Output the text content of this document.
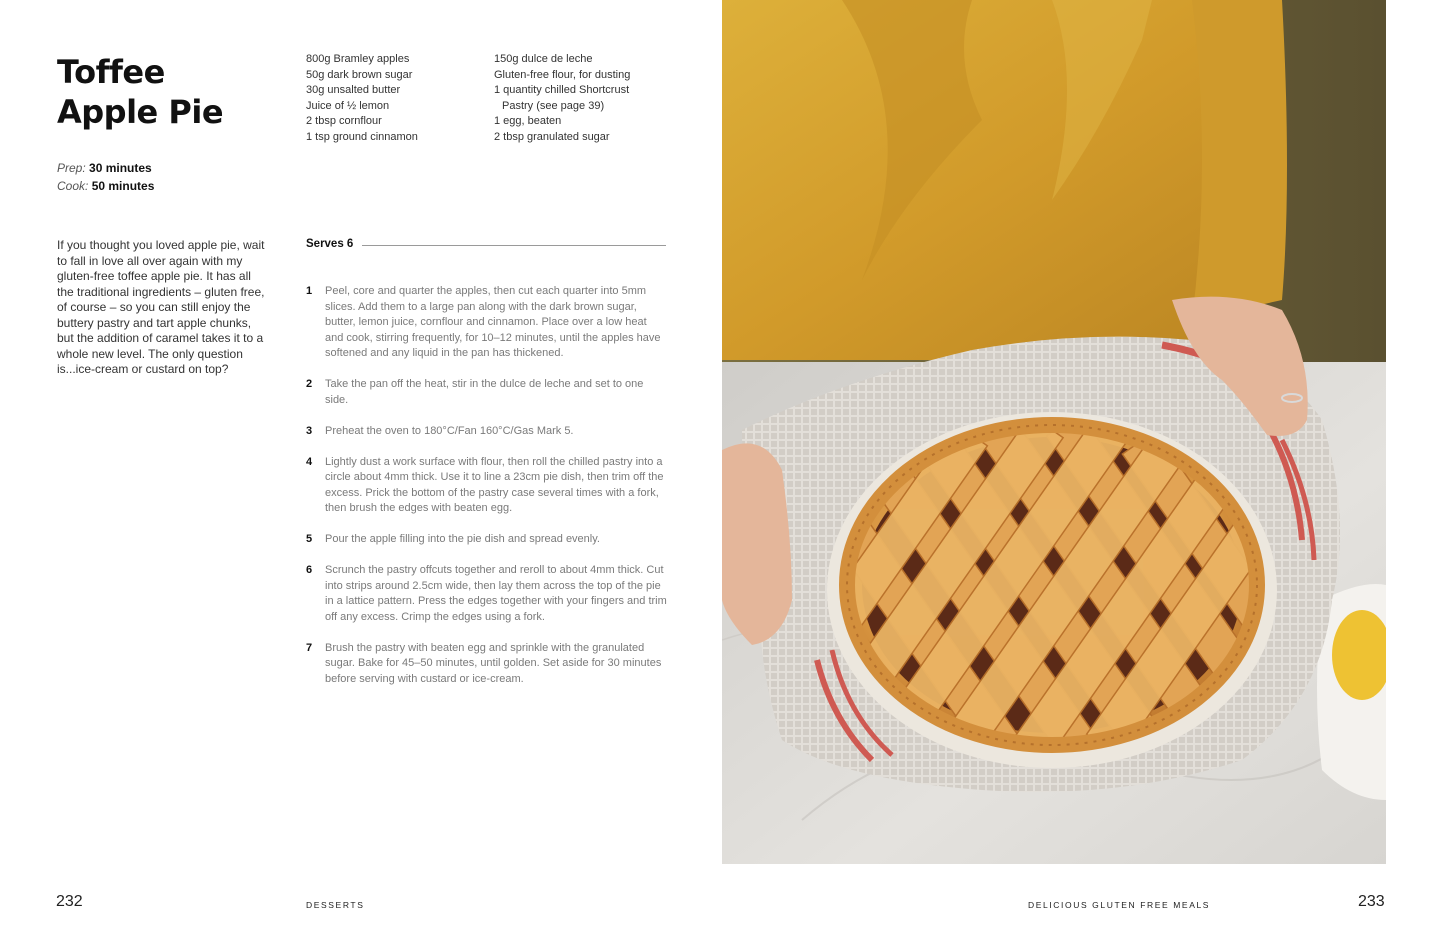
Toffee
Apple Pie
Prep: 30 minutes
Cook: 50 minutes

If you thought you loved apple pie, wait to fall in love all over again with my gluten-free toffee apple pie. It has all the traditional ingredients – gluten free, of course – so you can still enjoy the buttery pastry and tart apple chunks, but the addition of caramel takes it to a whole new level. The only question is...ice-cream or custard on top?

800g Bramley apples
50g dark brown sugar
30g unsalted butter
Juice of ½ lemon
2 tbsp cornflour
1 tsp ground cinnamon
150g dulce de leche
Gluten-free flour, for dusting
1 quantity chilled Shortcrust
Pastry (see page 39)
1 egg, beaten
2 tbsp granulated sugar
Serves 6
1	Peel, core and quarter the apples, then cut each quarter into 5mm slices. Add them to a large pan along with the dark brown sugar, butter, lemon juice, cornflour and cinnamon. Place over a low heat and cook, stirring frequently, for 10–12 minutes, until the apples have softened and any liquid in the pan has thickened.
2	Take the pan off the heat, stir in the dulce de leche and set to one side.
3	Preheat the oven to 180°C/Fan 160°C/Gas Mark 5.
4	Lightly dust a work surface with flour, then roll the chilled pastry into a circle about 4mm thick. Use it to line a 23cm pie dish, then trim off the excess. Prick the bottom of the pastry case several times with a fork, then brush the edges with beaten egg.
5	Pour the apple filling into the pie dish and spread evenly.
6	Scrunch the pastry offcuts together and reroll to about 4mm thick. Cut into strips around 2.5cm wide, then lay them across the top of the pie in a lattice pattern. Press the edges together with your fingers and trim off any excess. Crimp the edges using a fork.
7	Brush the pastry with beaten egg and sprinkle with the granulated sugar. Bake for 45–50 minutes, until golden. Set aside for 30 minutes before serving with custard or ice-cream.
232	DESSERTS	DELICIOUS GLUTEN FREE MEALS	233
